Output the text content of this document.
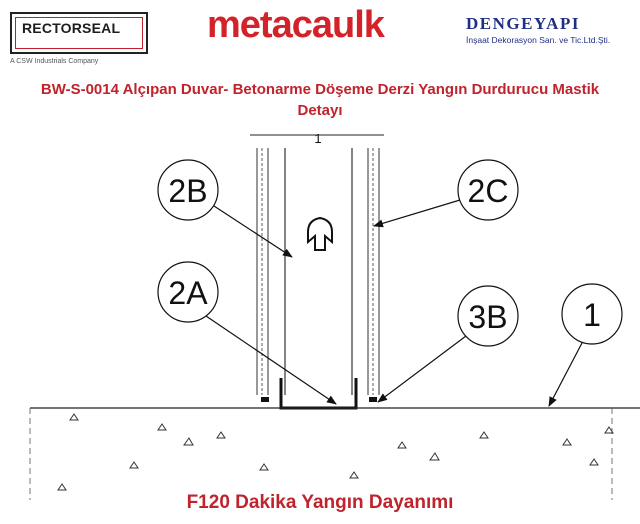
RECTORSEAL
A CSW Industrials Company
metacaulk	DENGEYAPI
İnşaat Dekorasyon San. ve Tic.Ltd.Şti.
BW-S-0014 Alçıpan Duvar- Betonarme Döşeme Derzi Yangın Durdurucu Mastik
Detayı
1
2B	2C
2A
3B 1
F120 Dakika Yangın Dayanımı
